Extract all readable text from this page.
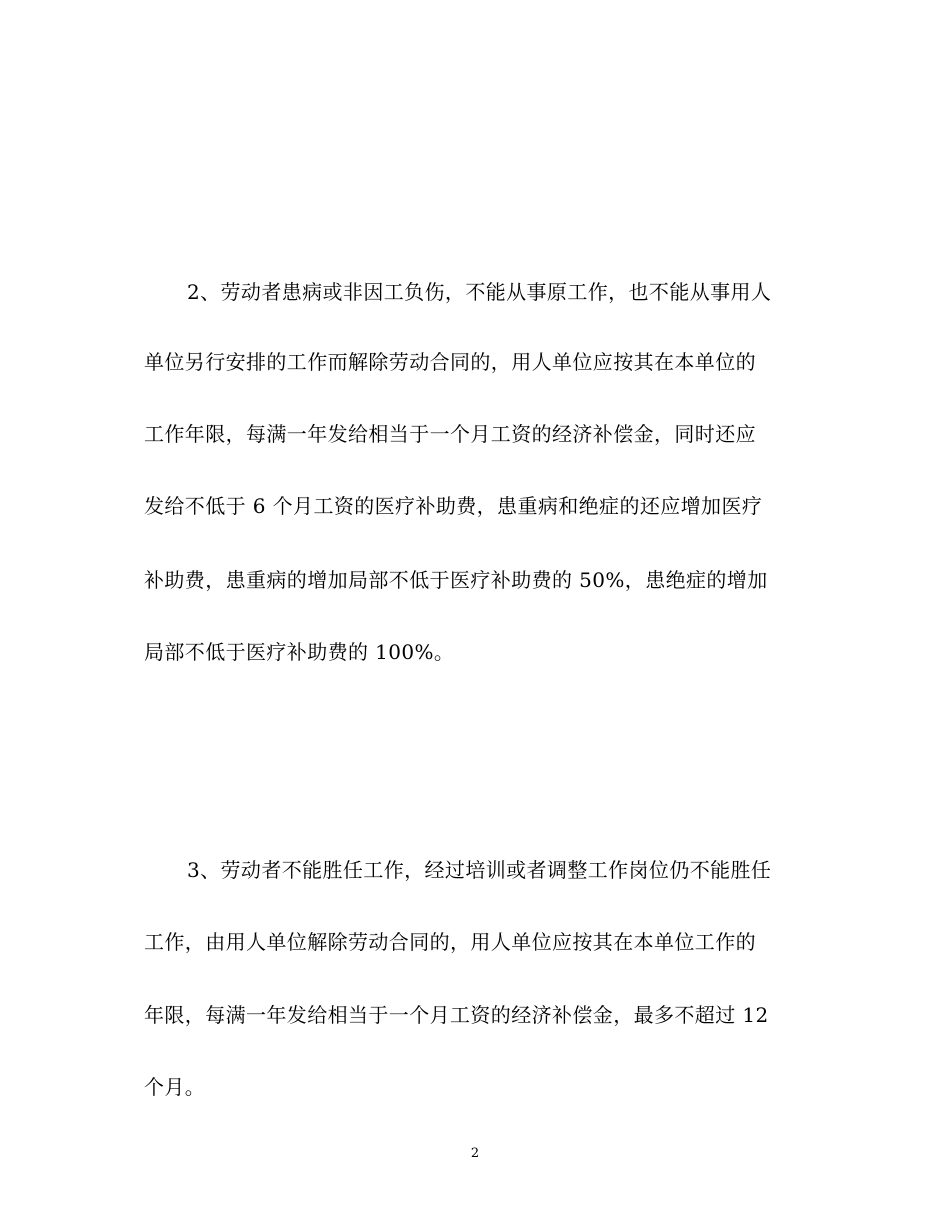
2、劳动者患病或非因工负伤，不能从事原工作，也不能从事用人
单位另行安排的工作而解除劳动合同的，用人单位应按其在本单位的
工作年限，每满一年发给相当于一个月工资的经济补偿金，同时还应
发给不低于 6 个月工资的医疗补助费，患重病和绝症的还应增加医疗
补助费，患重病的增加局部不低于医疗补助费的 50%，患绝症的增加
局部不低于医疗补助费的 100%。
3、劳动者不能胜任工作，经过培训或者调整工作岗位仍不能胜任
工作，由用人单位解除劳动合同的，用人单位应按其在本单位工作的
年限，每满一年发给相当于一个月工资的经济补偿金，最多不超过 12
个月。
2
